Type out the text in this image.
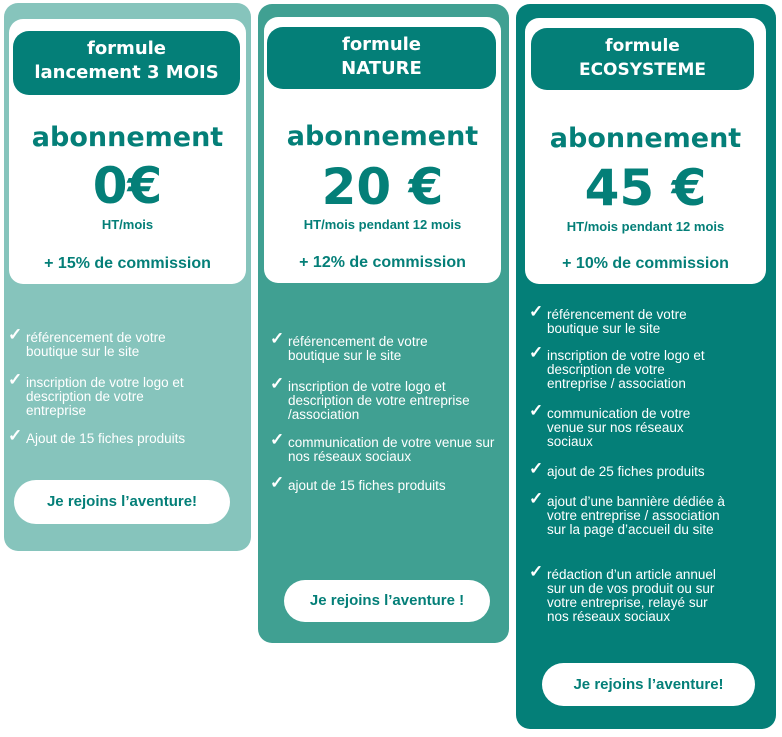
formule
lancement 3 MOIS
abonnement
0€
HT/mois
+ 15% de commission
✓ référencement de votre boutique sur le site
✓ inscription de votre logo et description de votre entreprise
✓ Ajout de 15 fiches produits
Je rejoins l’aventure!
formule
NATURE
abonnement
20 €
HT/mois pendant 12 mois
+ 12% de commission
✓ référencement de votre boutique sur le site
✓ inscription de votre logo et description de votre entreprise /association
✓ communication de votre venue sur nos réseaux sociaux
✓ ajout de 15 fiches produits
Je rejoins l’aventure !
formule
ECOSYSTEME
abonnement
45 €
HT/mois pendant 12 mois
+ 10% de commission
✓ référencement de votre boutique sur le site
✓ inscription de votre logo et description de votre entreprise / association
✓ communication de votre venue sur nos réseaux sociaux
✓ ajout de 25 fiches produits
✓ ajout d’une bannière dédiée à votre entreprise / association sur la page d’accueil du site
✓ rédaction d’un article annuel sur un de vos produit ou sur votre entreprise, relayé sur nos réseaux sociaux
Je rejoins l’aventure!
